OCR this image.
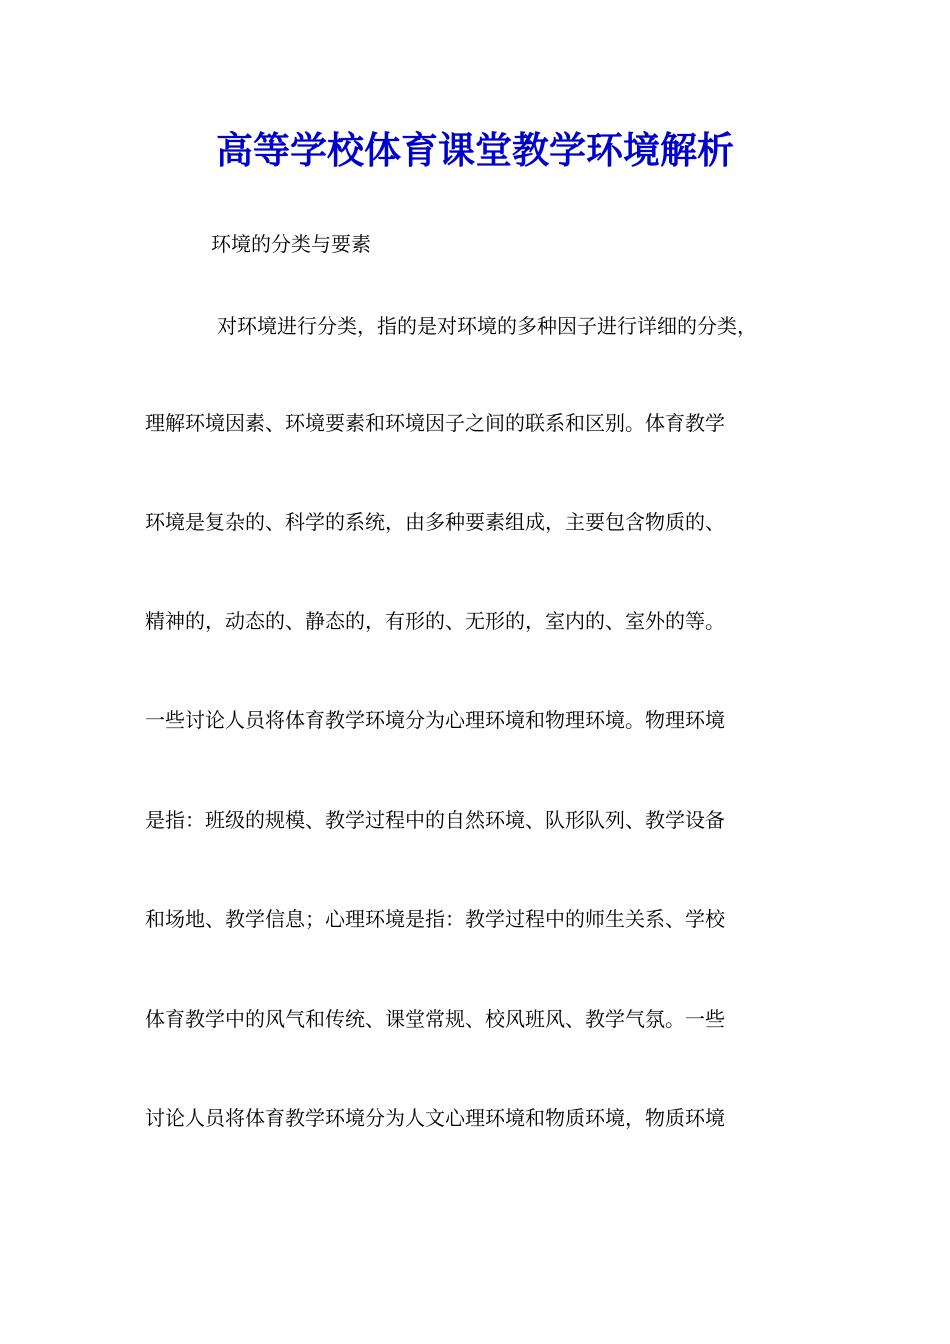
高等学校体育课堂教学环境解析
环境的分类与要素
对环境进行分类，指的是对环境的多种因子进行详细的分类，
理解环境因素、环境要素和环境因子之间的联系和区别。体育教学
环境是复杂的、科学的系统，由多种要素组成，主要包含物质的、
精神的，动态的、静态的，有形的、无形的，室内的、室外的等。
一些讨论人员将体育教学环境分为心理环境和物理环境。物理环境
是指：班级的规模、教学过程中的自然环境、队形队列、教学设备
和场地、教学信息；心理环境是指：教学过程中的师生关系、学校
体育教学中的风气和传统、课堂常规、校风班风、教学气氛。一些
讨论人员将体育教学环境分为人文心理环境和物质环境，物质环境
